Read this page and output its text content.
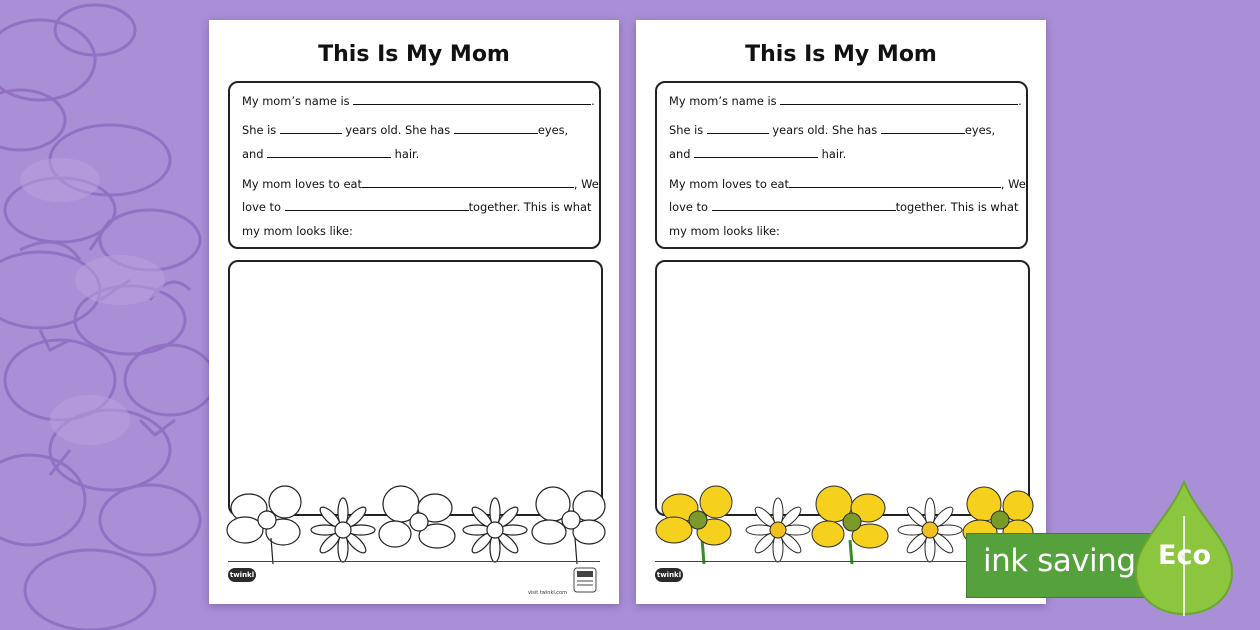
This Is My Mom
My mom’s name is	.
She is	years old. She has	eyes,
and	hair.
My mom loves to eat	, We
love to	together. This is what
my mom looks like:
twinkl
visit twinkl.com
This Is My Mom
My mom’s name is	.
She is	years old. She has	eyes,
and	hair.
My mom loves to eat	, We
love to	together. This is what
my mom looks like:
twinkl	ink saving Eco
